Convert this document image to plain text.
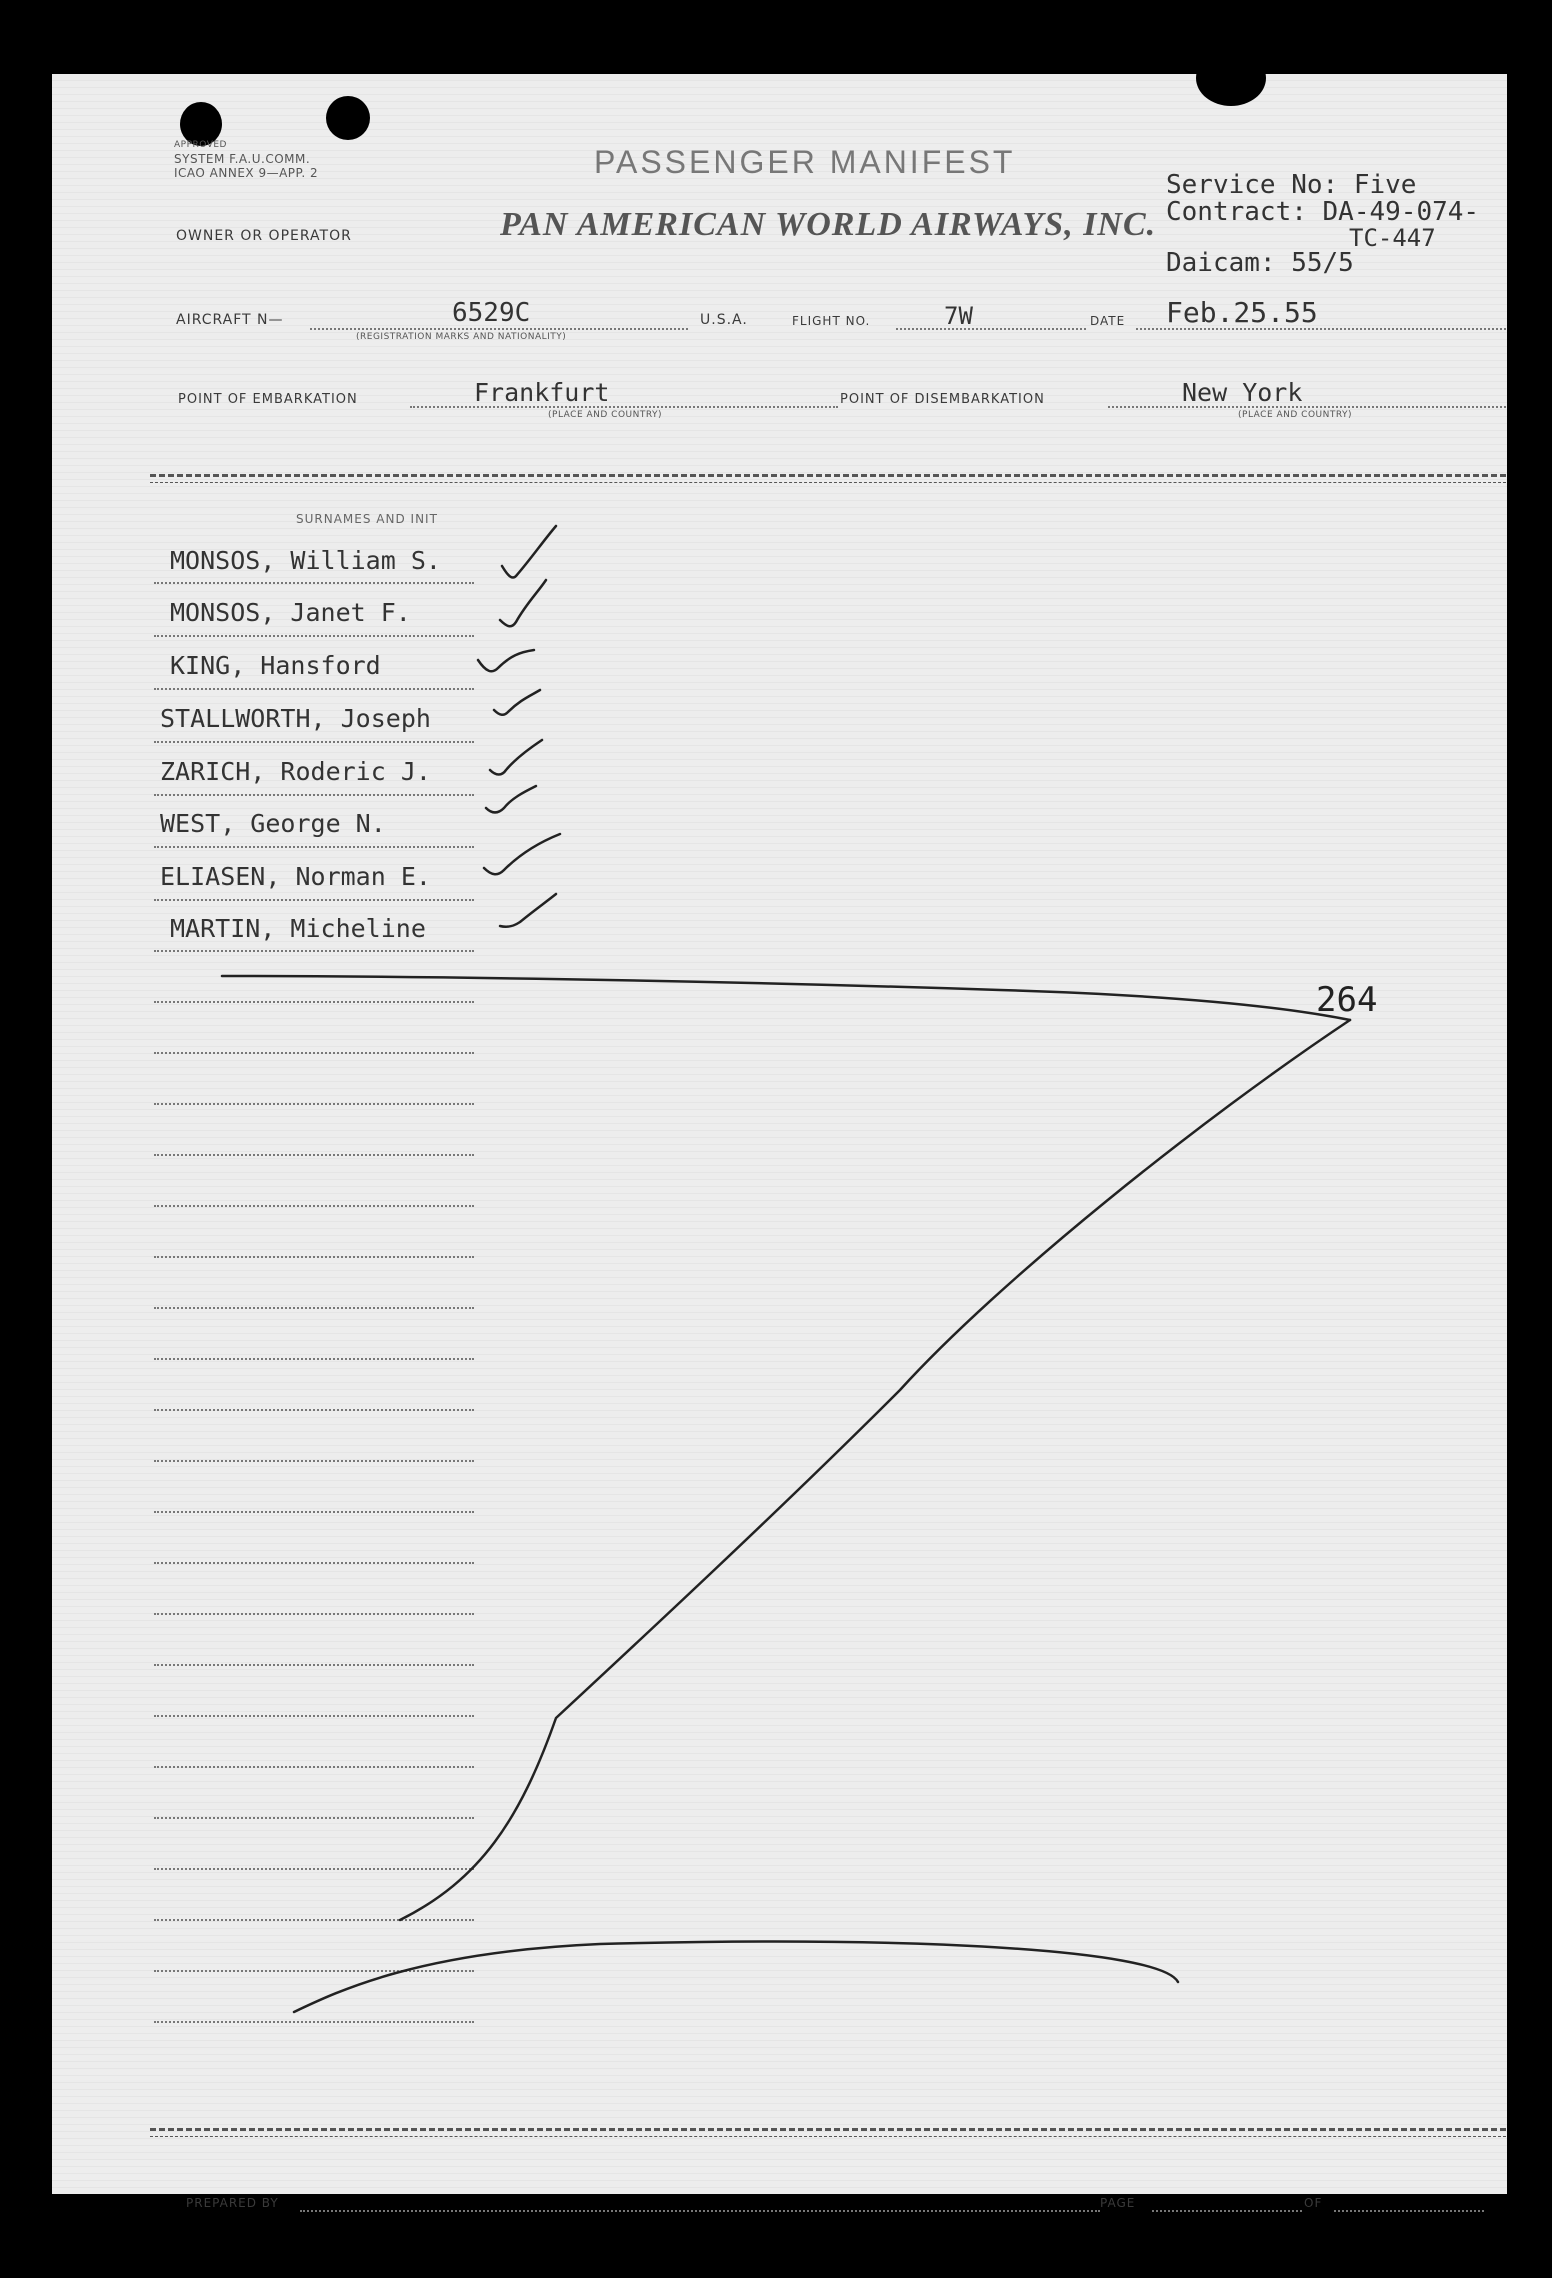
APPROVED
SYSTEM F.A.U.COMM.
ICAO ANNEX 9—APP. 2	PASSENGER MANIFEST
OWNER OR OPERATOR	PAN AMERICAN WORLD AIRWAYS, INC.
Service No: Five
Contract: DA-49-074-
TC-447
Daicam: 55/5
AIRCRAFT N—	6529C
(REGISTRATION MARKS AND NATIONALITY)
U.S.A.	FLIGHT NO.	7W	DATE Feb.25.55
POINT OF EMBARKATION	Frankfurt
(PLACE AND COUNTRY)
POINT OF DISEMBARKATION	New York
(PLACE AND COUNTRY)
SURNAMES AND INIT
MONSOS, William S.
MONSOS, Janet F.
KING, Hansford
STALLWORTH, Joseph
ZARICH, Roderic J.
WEST, George N.
ELIASEN, Norman E.
MARTIN, Micheline
PREPARED BY	PAGE	OF
264
